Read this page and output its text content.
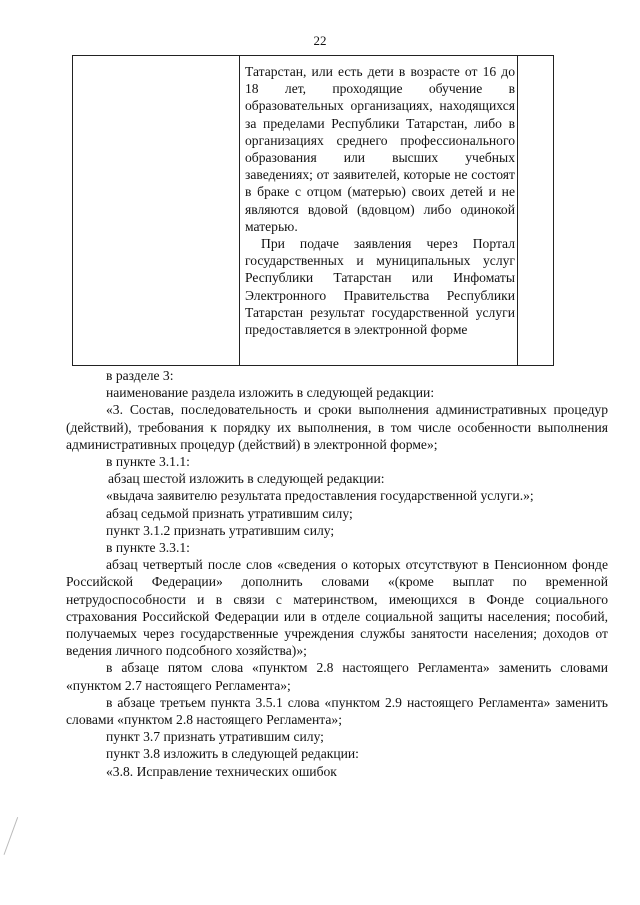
22

Татарстан, или есть дети в возрасте от 16 до 18 лет, проходящие обучение в образовательных организациях, находящихся за пределами Республики Татарстан, либо в организациях среднего профессионального образования или высших учебных заведениях; от заявителей, которые не состоят в браке с отцом (матерью) своих детей и не являются вдовой (вдовцом) либо одинокой матерью.

При подаче заявления через Портал государственных и муниципальных услуг Республики Татарстан или Инфоматы Электронного Правительства Республики Татарстан результат государственной услуги предоставляется в электронной форме

в разделе 3:

наименование раздела изложить в следующей редакции:

«3. Состав, последовательность и сроки выполнения административных процедур (действий), требования к порядку их выполнения, в том числе особенности выполнения административных процедур (действий) в электронной форме»;

в пункте 3.1.1:

абзац шестой изложить в следующей редакции:

«выдача заявителю результата предоставления государственной услуги.»;

абзац седьмой признать утратившим силу;

пункт 3.1.2 признать утратившим силу;

в пункте 3.3.1:

абзац четвертый после слов «сведения о которых отсутствуют в Пенсионном фонде Российской Федерации» дополнить словами «(кроме выплат по временной нетрудоспособности и в связи с материнством, имеющихся в Фонде социального страхования Российской Федерации или в отделе социальной защиты населения; пособий, получаемых через государственные учреждения службы занятости населения; доходов от ведения личного подсобного хозяйства)»;

в абзаце пятом слова «пунктом 2.8 настоящего Регламента» заменить словами «пунктом 2.7 настоящего Регламента»;

в абзаце третьем пункта 3.5.1 слова «пунктом 2.9 настоящего Регламента» заменить словами «пунктом 2.8 настоящего Регламента»;

пункт 3.7 признать утратившим силу;

пункт 3.8 изложить в следующей редакции:

«3.8. Исправление технических ошибок
